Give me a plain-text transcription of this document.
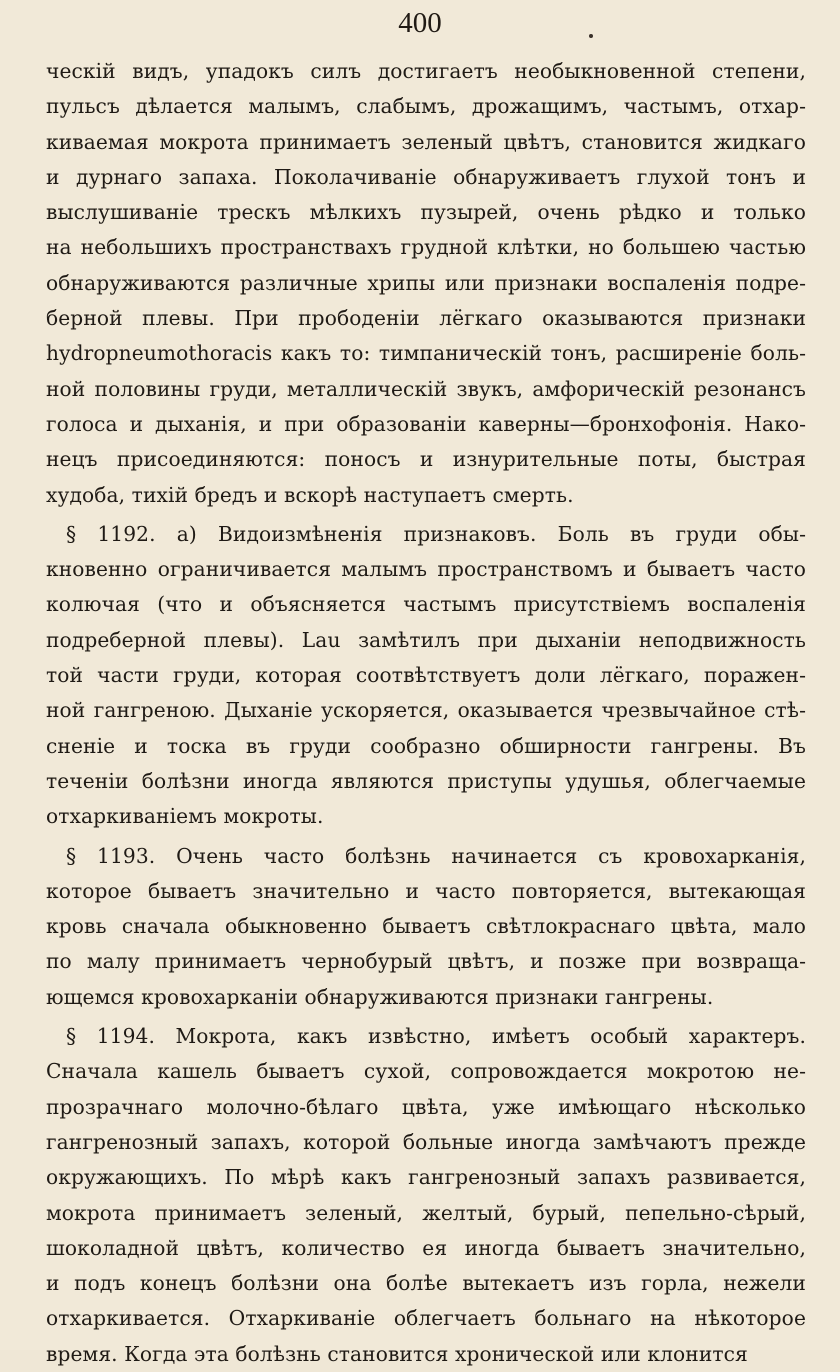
400
ческій видъ, упадокъ силъ достигаетъ необыкновенной степени,
пульсъ дѣлается малымъ, слабымъ, дрожащимъ, частымъ, отхар-
киваемая мокрота принимаетъ зеленый цвѣтъ, становится жидкаго
и дурнаго запаха. Поколачиваніе обнаруживаетъ глухой тонъ и
выслушиваніе трескъ мѣлкихъ пузырей, очень рѣдко и только
на небольшихъ пространствахъ грудной клѣтки, но большею частью
обнаруживаются различные хрипы или признаки воспаленія подре-
берной плевы. При прободеніи лёгкаго оказываются признаки
hydropneumothoracis какъ то: тимпаническій тонъ, расширеніе боль-
ной половины груди, металлическій звукъ, амфорическій резонансъ
голоса и дыханія, и при образованіи каверны—бронхофонія. Нако-
нецъ присоединяются: поносъ и изнурительные поты, быстрая
худоба, тихій бредъ и вскорѣ наступаетъ смерть.
§ 1192. а) Видоизмѣненія признаковъ. Боль въ груди обы-
кновенно ограничивается малымъ пространствомъ и бываетъ часто
колючая (что и объясняется частымъ присутствіемъ воспаленія
подреберной плевы). Lau замѣтилъ при дыханіи неподвижность
той части груди, которая соотвѣтствуетъ доли лёгкаго, поражен-
ной гангреною. Дыханіе ускоряется, оказывается чрезвычайное стѣ-
сненіе и тоска въ груди сообразно обширности гангрены. Въ
теченіи болѣзни иногда являются приступы удушья, облегчаемые
отхаркиваніемъ мокроты.
§ 1193. Очень часто болѣзнь начинается съ кровохарканія,
которое бываетъ значительно и часто повторяется, вытекающая
кровь сначала обыкновенно бываетъ свѣтлокраснаго цвѣта, мало
по малу принимаетъ чернобурый цвѣтъ, и позже при возвраща-
ющемся кровохарканіи обнаруживаются признаки гангрены.
§ 1194. Мокрота, какъ извѣстно, имѣетъ особый характеръ.
Сначала кашель бываетъ сухой, сопровождается мокротою не-
прозрачнаго молочно-бѣлаго цвѣта, уже имѣющаго нѣсколько
гангренозный запахъ, которой больные иногда замѣчаютъ прежде
окружающихъ. По мѣрѣ какъ гангренозный запахъ развивается,
мокрота принимаетъ зеленый, желтый, бурый, пепельно-сѣрый,
шоколадной цвѣтъ, количество ея иногда бываетъ значительно,
и подъ конецъ болѣзни она болѣе вытекаетъ изъ горла, нежели
отхаркивается. Отхаркиваніе облегчаетъ больнаго на нѣкоторое
время. Когда эта болѣзнь становится хронической или клонится
